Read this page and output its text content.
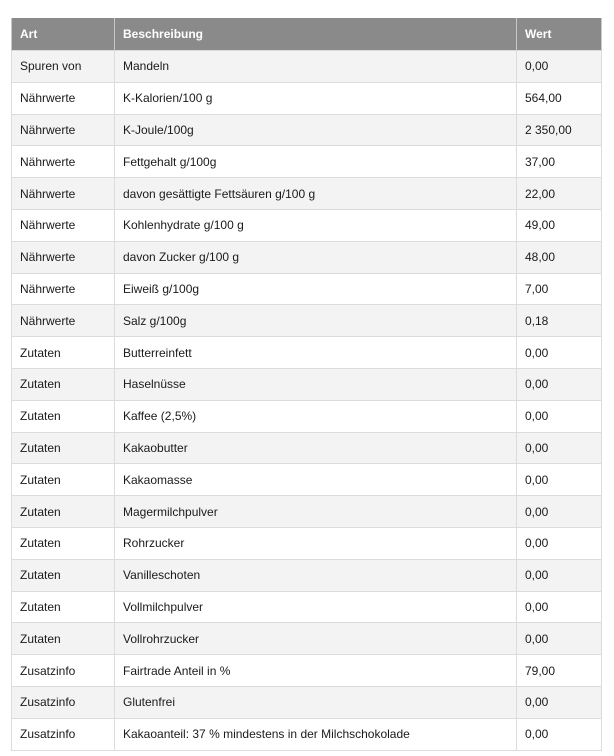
Art	Beschreibung	Wert
Spuren von	Mandeln	0,00
Nährwerte	K-Kalorien/100 g	564,00
Nährwerte	K-Joule/100g	2 350,00
Nährwerte	Fettgehalt g/100g	37,00
Nährwerte	davon gesättigte Fettsäuren g/100 g	22,00
Nährwerte	Kohlenhydrate g/100 g	49,00
Nährwerte	davon Zucker g/100 g	48,00
Nährwerte	Eiweiß g/100g	7,00
Nährwerte	Salz g/100g	0,18
Zutaten	Butterreinfett	0,00
Zutaten	Haselnüsse	0,00
Zutaten	Kaffee (2,5%)	0,00
Zutaten	Kakaobutter	0,00
Zutaten	Kakaomasse	0,00
Zutaten	Magermilchpulver	0,00
Zutaten	Rohrzucker	0,00
Zutaten	Vanilleschoten	0,00
Zutaten	Vollmilchpulver	0,00
Zutaten	Vollrohrzucker	0,00
Zusatzinfo	Fairtrade Anteil in %	79,00
Zusatzinfo	Glutenfrei	0,00
Zusatzinfo	Kakaoanteil: 37 % mindestens in der Milchschokolade	0,00
